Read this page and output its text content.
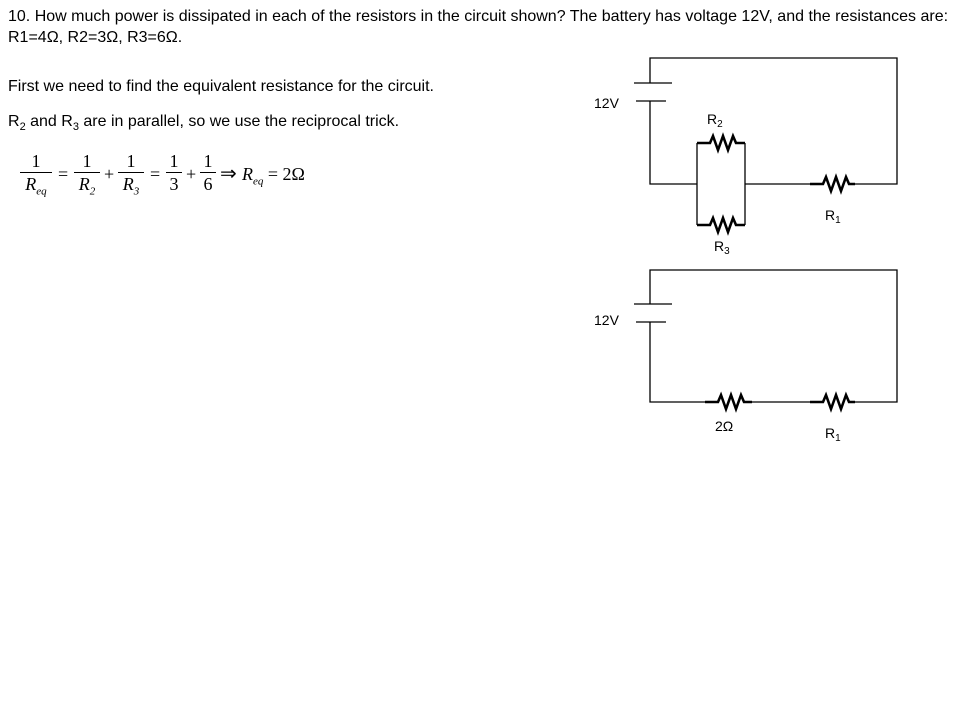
10. How much power is dissipated in each of the resistors in the circuit shown? The battery has voltage 12V, and the resistances are: R1=4Ω, R2=3Ω, R3=6Ω.

First we need to find the equivalent resistance for the circuit.

$R_2$ and $R_3$ are in parallel, so we use the reciprocal trick.

1
$R_{eq}$
=
1
$R_2$
+
1
$R_3$
=
1
3 +
1
6 ⇒ $R_{eq} = 2\Omega$
12V
$R_2$
$R_3$
$R_1$
12V
2Ω	$R_1$
